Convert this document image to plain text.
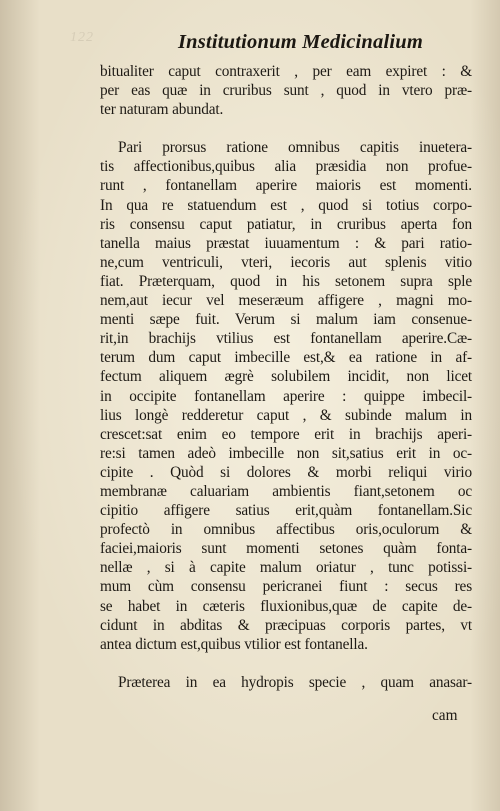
122	Institutionum Medicinalium
bitualiter caput contraxerit , per eam expiret : &
per eas quæ in cruribus sunt , quod in vtero præ-
ter naturam abundat.
Pari prorsus ratione omnibus capitis inuetera-
tis affectionibus,quibus alia præsidia non profue-
runt , fontanellam aperire maioris est momenti.
In qua re statuendum est , quod si totius corpo-
ris consensu caput patiatur, in cruribus aperta fon
tanella maius præstat iuuamentum : & pari ratio-
ne,cum ventriculi, vteri, iecoris aut splenis vitio
fiat. Præterquam, quod in his setonem supra sple
nem,aut iecur vel meseræum affigere , magni mo-
menti sæpe fuit. Verum si malum iam consenue-
rit,in brachijs vtilius est fontanellam aperire.Cæ-
terum dum caput imbecille est,& ea ratione in af-
fectum aliquem ægrè solubilem incidit, non licet
in occipite fontanellam aperire : quippe imbecil-
lius longè redderetur caput , & subinde malum in
crescet:sat enim eo tempore erit in brachijs aperi-
re:si tamen adeò imbecille non sit,satius erit in oc-
cipite . Quòd si dolores & morbi reliqui virio
membranæ caluariam ambientis fiant,setonem oc
cipitio affigere satius erit,quàm fontanellam.Sic
profectò in omnibus affectibus oris,oculorum &
faciei,maioris sunt momenti setones quàm fonta-
nellæ , si à capite malum oriatur , tunc potissi-
mum cùm consensu pericranei fiunt : secus res
se habet in cæteris fluxionibus,quæ de capite de-
cidunt in abditas & præcipuas corporis partes, vt
antea dictum est,quibus vtilior est fontanella.
Præterea in ea hydropis specie , quam anasar-
cam
